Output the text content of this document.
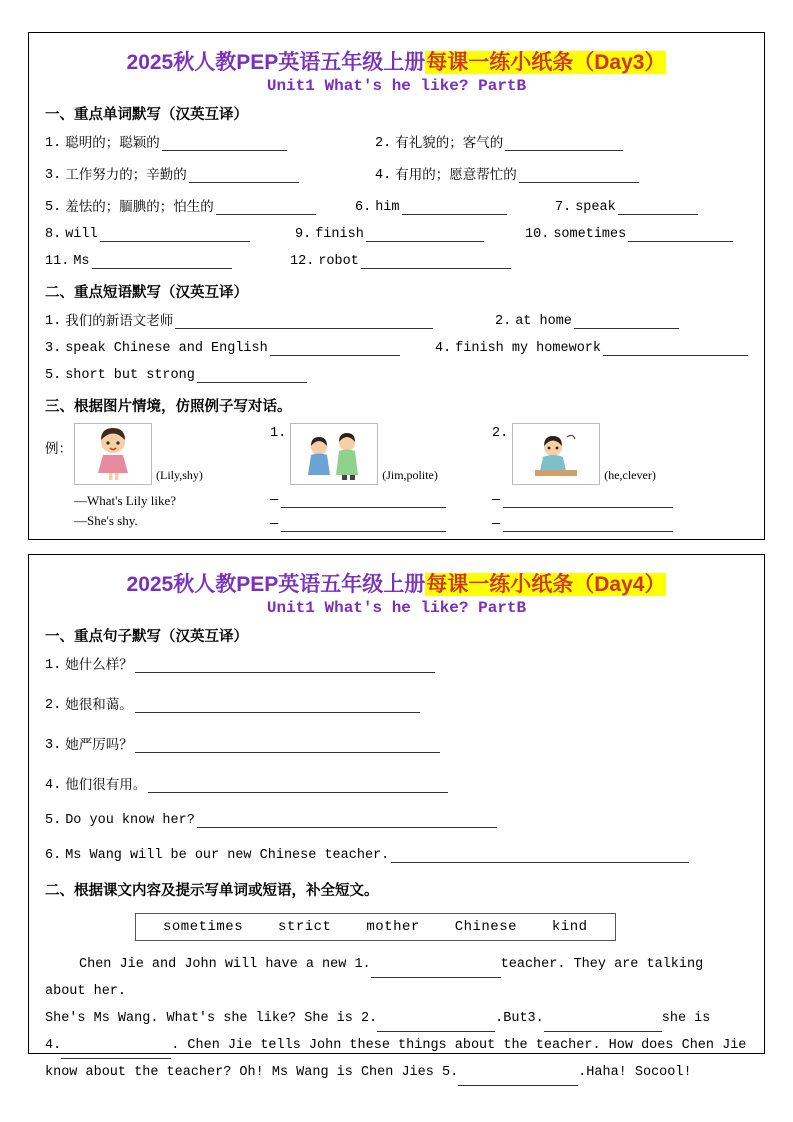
2025秋人教PEP英语五年级上册每课一练小纸条（Day3）
Unit1 What's he like? PartB
一、重点单词默写（汉英互译）
1. 聪明的；聪颖的	2. 有礼貌的；客气的
3. 工作努力的；辛勤的	4. 有用的；愿意帮忙的
5. 羞怯的；腼腆的；怕生的	6. him	7. speak
8. will	9. finish	10. sometimes
11. Ms	12. robot
二、重点短语默写（汉英互译）
1. 我们的新语文老师	2. at home
3. speak Chinese and English	4. finish my homework
5. short but strong
三、根据图片情境，仿照例子写对话。
例：
(Lily,shy)
—What's Lily like?
—She's shy.
1.
(Jim,polite)
—
—
2.
(he,clever)
—
—
2025秋人教PEP英语五年级上册每课一练小纸条（Day4）
Unit1 What's he like? PartB
一、重点句子默写（汉英互译）
1. 她什么样？
2. 她很和蔼。
3. 她严厉吗？
4. 他们很有用。
5. Do you know her?
6. Ms Wang will be our new Chinese teacher.
二、根据课文内容及提示写单词或短语，补全短文。
sometimes strict mother Chinese kind
Chen Jie and John will have a new 1.	teacher. They are talking about her.
She's Ms Wang. What's she like? She is 2.	.But3.	she is
4.	. Chen Jie tells John these things about the teacher. How does Chen Jie
know about the teacher? Oh! Ms Wang is Chen Jies 5.	.Haha! Socool!
